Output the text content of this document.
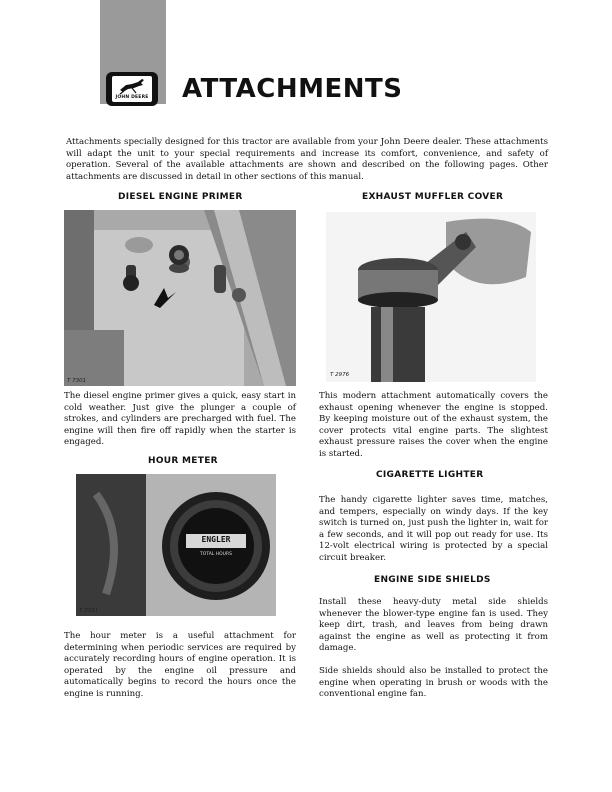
JOHN DEERE ATTACHMENTS
Attachments specially designed for this tractor are available from your John Deere dealer. These attachments will adapt the unit to your special requirements and increase its comfort, convenience, and safety of operation. Several of the available attachments are shown and described on the following pages. Other attachments are discussed in detail in other sections of this manual.
DIESEL ENGINE PRIMER
T 7301
The diesel engine primer gives a quick, easy start in cold weather. Just give the plunger a couple of strokes, and cylinders are precharged with fuel. The engine will then fire off rapidly when the starter is engaged.
HOUR METER
ENGLER
TOTAL HOURS
T 7331
The hour meter is a useful attachment for determining when periodic services are required by accurately recording hours of engine operation. It is operated by the engine oil pressure and automatically begins to record the hours once the engine is running.
EXHAUST MUFFLER COVER
T 2976
This modern attachment automatically covers the exhaust opening whenever the engine is stopped. By keeping moisture out of the exhaust system, the cover protects vital engine parts. The slightest exhaust pressure raises the cover when the engine is started.
CIGARETTE LIGHTER
The handy cigarette lighter saves time, matches, and tempers, especially on windy days. If the key switch is turned on, just push the lighter in, wait for a few seconds, and it will pop out ready for use. Its 12-volt electrical wiring is protected by a special circuit breaker.
ENGINE SIDE SHIELDS
Install these heavy-duty metal side shields whenever the blower-type engine fan is used. They keep dirt, trash, and leaves from being drawn against the engine as well as protecting it from damage.
Side shields should also be installed to protect the engine when operating in brush or woods with the conventional engine fan.
